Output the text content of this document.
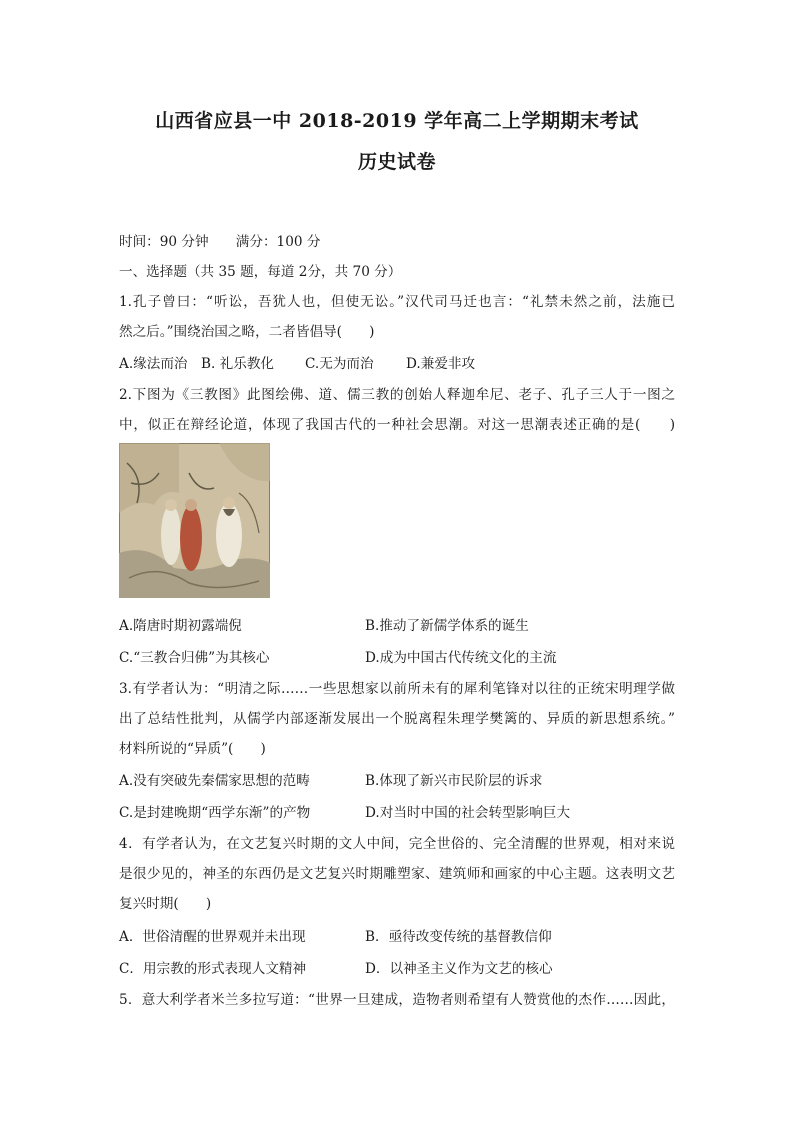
山西省应县一中 2018-2019 学年高二上学期期末考试
历史试卷
时间：90 分钟　　满分：100 分
一、选择题（共 35 题，每道 2分，共 70 分）
1.孔子曾曰：“听讼，吾犹人也，但使无讼。”汉代司马迁也言：“礼禁未然之前，法施已
然之后。”围绕治国之略，二者皆倡导(　　)
A.缘法而治 B. 礼乐教化 C.无为而治 D.兼爱非攻
2.下图为《三教图》此图绘佛、道、儒三教的创始人释迦牟尼、老子、孔子三人于一图之
中，似正在辩经论道，体现了我国古代的一种社会思潮。对这一思潮表述正确的是(　　)
A.隋唐时期初露端倪	B.推动了新儒学体系的诞生
C.“三教合归佛”为其核心	D.成为中国古代传统文化的主流
3.有学者认为：“明清之际……一些思想家以前所未有的犀利笔锋对以往的正统宋明理学做
出了总结性批判，从儒学内部逐渐发展出一个脱离程朱理学樊篱的、异质的新思想系统。”
材料所说的“异质”(　　)
A.没有突破先秦儒家思想的范畴	B.体现了新兴市民阶层的诉求
C.是封建晚期“西学东渐”的产物	D.对当时中国的社会转型影响巨大
4．有学者认为，在文艺复兴时期的文人中间，完全世俗的、完全清醒的世界观，相对来说
是很少见的，神圣的东西仍是文艺复兴时期雕塑家、建筑师和画家的中心主题。这表明文艺
复兴时期(　　)
A．世俗清醒的世界观并未出现	B．亟待改变传统的基督教信仰
C．用宗教的形式表现人文精神	D．以神圣主义作为文艺的核心
5．意大利学者米兰多拉写道：“世界一旦建成，造物者则希望有人赞赏他的杰作……因此，
